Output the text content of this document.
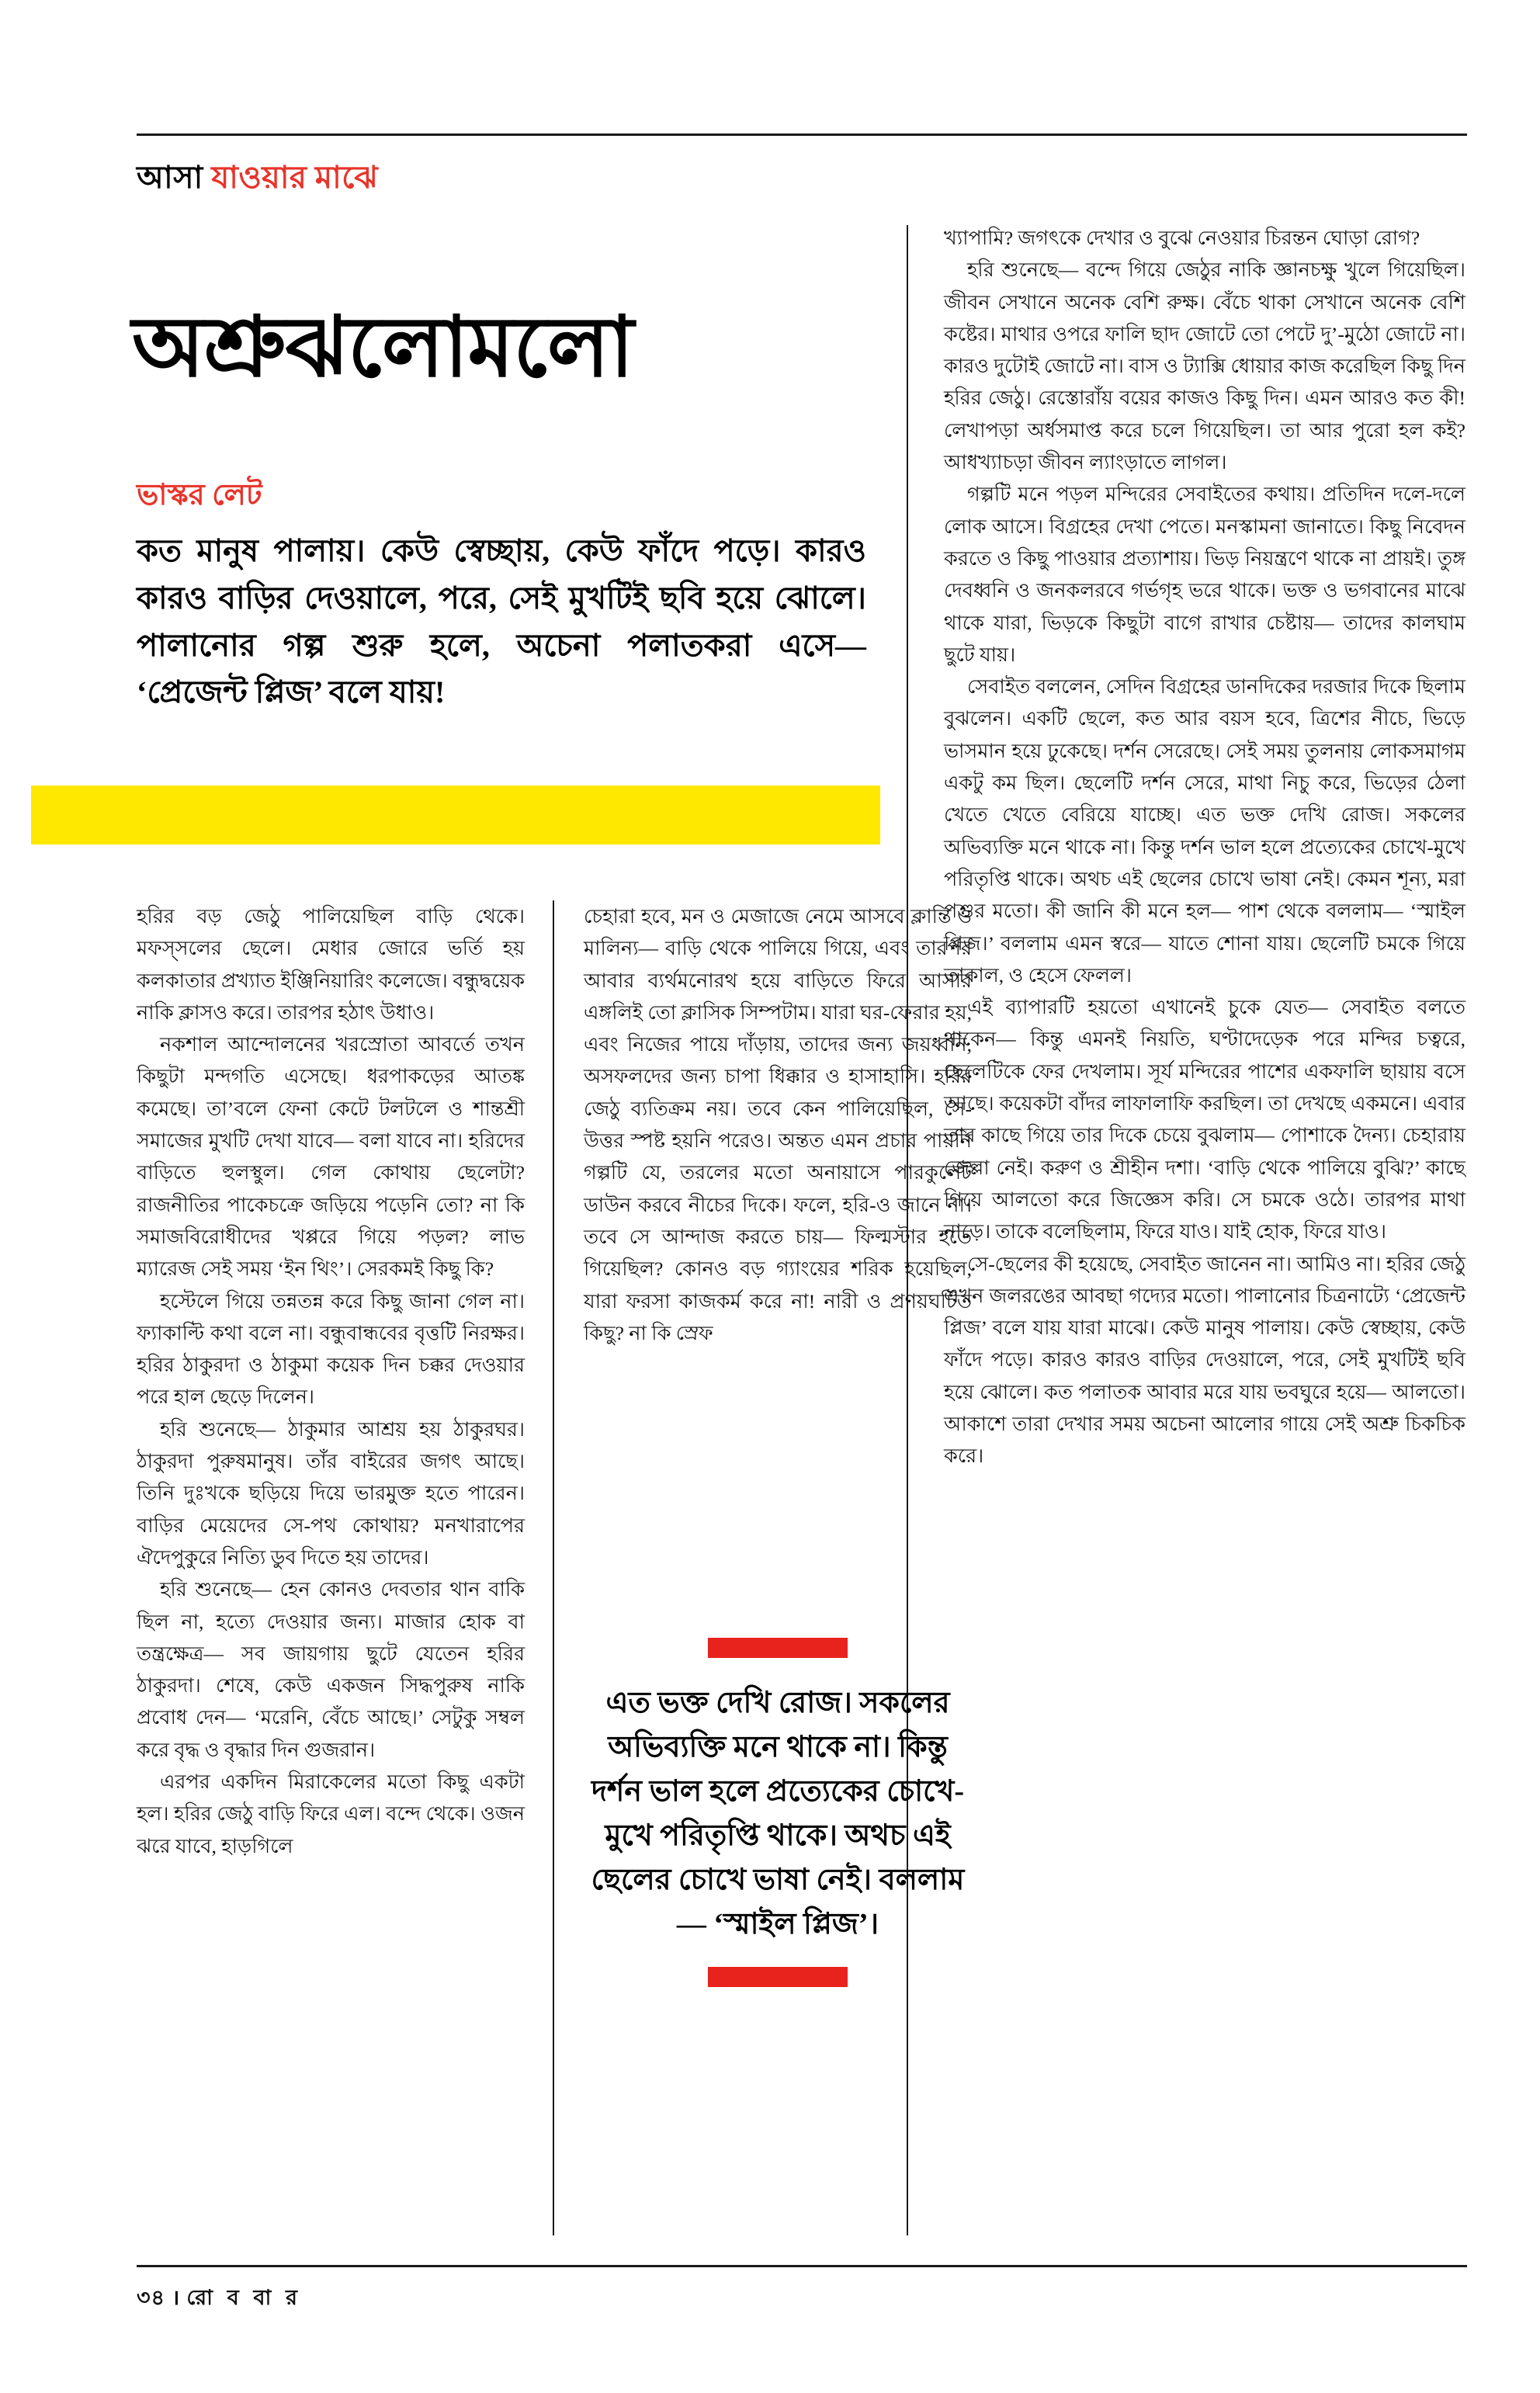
আসা যাওয়ার মাঝে
অশ্রুঝলোমলো
ভাস্কর লেট
কত মানুষ পালায়। কেউ স্বেচ্ছায়, কেউ ফাঁদে পড়ে। কারও কারও বাড়ির দেওয়ালে, পরে, সেই মুখটিই ছবি হয়ে ঝোলে। পালানোর গল্প শুরু হলে, অচেনা পলাতকরা এসে— ‘প্রেজেন্ট প্লিজ’ বলে যায়!

হরির বড় জেঠু পালিয়েছিল বাড়ি থেকে। মফস্সলের ছেলে। মেধার জোরে ভর্তি হয় কলকাতার প্রখ্যাত ইঞ্জিনিয়ারিং কলেজে। বন্ধুদ্বয়েক নাকি ক্লাসও করে। তারপর হঠাৎ উধাও।

নকশাল আন্দোলনের খরস্রোতা আবর্তে তখন কিছুটা মন্দগতি এসেছে। ধরপাকড়ের আতঙ্ক কমেছে। তা’বলে ফেনা কেটে টলটলে ও শান্তশ্রী সমাজের মুখটি দেখা যাবে— বলা যাবে না। হরিদের বাড়িতে হুলস্থুল। গেল কোথায় ছেলেটা? রাজনীতির পাকেচক্রে জড়িয়ে পড়েনি তো? না কি সমাজবিরোধীদের খপ্পরে গিয়ে পড়ল? লাভ ম্যারেজ সেই সময় ‘ইন থিং’। সেরকমই কিছু কি?

হস্টেলে গিয়ে তন্নতন্ন করে কিছু জানা গেল না। ফ্যাকাল্টি কথা বলে না। বন্ধুবান্ধবের বৃত্তটি নিরক্ষর। হরির ঠাকুরদা ও ঠাকুমা কয়েক দিন চক্কর দেওয়ার পরে হাল ছেড়ে দিলেন।

হরি শুনেছে— ঠাকুমার আশ্রয় হয় ঠাকুরঘর। ঠাকুরদা পুরুষমানুষ। তাঁর বাইরের জগৎ আছে। তিনি দুঃখকে ছড়িয়ে দিয়ে ভারমুক্ত হতে পারেন। বাড়ির মেয়েদের সে-পথ কোথায়? মনখারাপের ঐদেপুকুরে নিত্যি ডুব দিতে হয় তাদের।

হরি শুনেছে— হেন কোনও দেবতার থান বাকি ছিল না, হত্যে দেওয়ার জন্য। মাজার হোক বা তন্ত্রক্ষেত্র— সব জায়গায় ছুটে যেতেন হরির ঠাকুরদা। শেষে, কেউ একজন সিদ্ধপুরুষ নাকি প্রবোধ দেন— ‘মরেনি, বেঁচে আছে।’ সেটুকু সম্বল করে বৃদ্ধ ও বৃদ্ধার দিন গুজরান।

এরপর একদিন মিরাকেলের মতো কিছু একটা হল। হরির জেঠু বাড়ি ফিরে এল। বন্দে থেকে। ওজন ঝরে যাবে, হাড়গিলে

চেহারা হবে, মন ও মেজাজে নেমে আসবে ক্লান্তি ও মালিন্য— বাড়ি থেকে পালিয়ে গিয়ে, এবং তারপর আবার ব্যর্থমনোরথ হয়ে বাড়িতে ফিরে আসার এঙ্গলিই তো ক্লাসিক সিম্পটাম। যারা ঘর-ফেরার হয়, এবং নিজের পায়ে দাঁড়ায়, তাদের জন্য জয়ধ্বনি, অসফলদের জন্য চাপা ধিক্কার ও হাসাহাসি। হরির জেঠু ব্যতিক্রম নয়। তবে কেন পালিয়েছিল, সে-উত্তর স্পষ্ট হয়নি পরেও। অন্তত এমন প্রচার পায়নি গল্পটি যে, তরলের মতো অনায়াসে পারকুলেট ডাউন করবে নীচের দিকে। ফলে, হরি-ও জানে না। তবে সে আন্দাজ করতে চায়— ফিল্মস্টার হতে গিয়েছিল? কোনও বড় গ্যাংয়ের শরিক হয়েছিল, যারা ফরসা কাজকর্ম করে না! নারী ও প্রণয়ঘটিত কিছু? না কি স্রেফ

এত ভক্ত দেখি রোজ। সকলের অভিব্যক্তি মনে থাকে না। কিন্তু দর্শন ভাল হলে প্রত্যেকের চোখে-মুখে পরিতৃপ্তি থাকে। অথচ এই ছেলের চোখে ভাষা নেই। বললাম— ‘স্মাইল প্লিজ’।

খ্যাপামি? জগৎকে দেখার ও বুঝে নেওয়ার চিরন্তন ঘোড়া রোগ?

হরি শুনেছে— বন্দে গিয়ে জেঠুর নাকি জ্ঞানচক্ষু খুলে গিয়েছিল। জীবন সেখানে অনেক বেশি রুক্ষ। বেঁচে থাকা সেখানে অনেক বেশি কষ্টের। মাথার ওপরে ফালি ছাদ জোটে তো পেটে দু’-মুঠো জোটে না। কারও দুটোই জোটে না। বাস ও ট্যাক্সি ধোয়ার কাজ করেছিল কিছু দিন হরির জেঠু। রেস্তোরাঁয় বয়ের কাজও কিছু দিন। এমন আরও কত কী! লেখাপড়া অর্ধসমাপ্ত করে চলে গিয়েছিল। তা আর পুরো হল কই? আধখ্যাচড়া জীবন ল্যাংড়াতে লাগল।

গল্পটি মনে পড়ল মন্দিরের সেবাইতের কথায়। প্রতিদিন দলে-দলে লোক আসে। বিগ্রহের দেখা পেতে। মনস্কামনা জানাতে। কিছু নিবেদন করতে ও কিছু পাওয়ার প্রত্যাশায়। ভিড় নিয়ন্ত্রণে থাকে না প্রায়ই। তুঙ্গ দেবধ্বনি ও জনকলরবে গর্ভগৃহ ভরে থাকে। ভক্ত ও ভগবানের মাঝে থাকে যারা, ভিড়কে কিছুটা বাগে রাখার চেষ্টায়— তাদের কালঘাম ছুটে যায়।

সেবাইত বললেন, সেদিন বিগ্রহের ডানদিকের দরজার দিকে ছিলাম বুঝলেন। একটি ছেলে, কত আর বয়স হবে, ত্রিশের নীচে, ভিড়ে ভাসমান হয়ে ঢুকেছে। দর্শন সেরেছে। সেই সময় তুলনায় লোকসমাগম একটু কম ছিল। ছেলেটি দর্শন সেরে, মাথা নিচু করে, ভিড়ের ঠেলা খেতে খেতে বেরিয়ে যাচ্ছে। এত ভক্ত দেখি রোজ। সকলের অভিব্যক্তি মনে থাকে না। কিন্তু দর্শন ভাল হলে প্রত্যেকের চোখে-মুখে পরিতৃপ্তি থাকে। অথচ এই ছেলের চোখে ভাষা নেই। কেমন শূন্য, মরা পশুর মতো। কী জানি কী মনে হল— পাশ থেকে বললাম— ‘স্মাইল প্লিজ।’ বললাম এমন স্বরে— যাতে শোনা যায়। ছেলেটি চমকে গিয়ে তাকাল, ও হেসে ফেলল।

এই ব্যাপারটি হয়তো এখানেই চুকে যেত— সেবাইত বলতে থাকেন— কিন্তু এমনই নিয়তি, ঘণ্টাদেড়েক পরে মন্দির চত্বরে, ছেলেটিকে ফের দেখলাম। সূর্য মন্দিরের পাশের একফালি ছায়ায় বসে আছে। কয়েকটা বাঁদর লাফালাফি করছিল। তা দেখছে একমনে। এবার তার কাছে গিয়ে তার দিকে চেয়ে বুঝলাম— পোশাকে দৈন্য। চেহারায় জেল্লা নেই। করুণ ও শ্রীহীন দশা। ‘বাড়ি থেকে পালিয়ে বুঝি?’ কাছে গিয়ে আলতো করে জিজ্ঞেস করি। সে চমকে ওঠে। তারপর মাথা নাড়ে। তাকে বলেছিলাম, ফিরে যাও। যাই হোক, ফিরে যাও।

সে-ছেলের কী হয়েছে, সেবাইত জানেন না। আমিও না। হরির জেঠু এখন জলরঙের আবছা গদ্যের মতো। পালানোর চিত্রনাট্যে ‘প্রেজেন্ট প্লিজ’ বলে যায় যারা মাঝে। কেউ মানুষ পালায়। কেউ স্বেচ্ছায়, কেউ ফাঁদে পড়ে। কারও কারও বাড়ির দেওয়ালে, পরে, সেই মুখটিই ছবি হয়ে ঝোলে। কত পলাতক আবার মরে যায় ভবঘুরে হয়ে— আলতো। আকাশে তারা দেখার সময় অচেনা আলোর গায়ে সেই অশ্রু চিকচিক করে।

৩৪ । রো ব বা র
